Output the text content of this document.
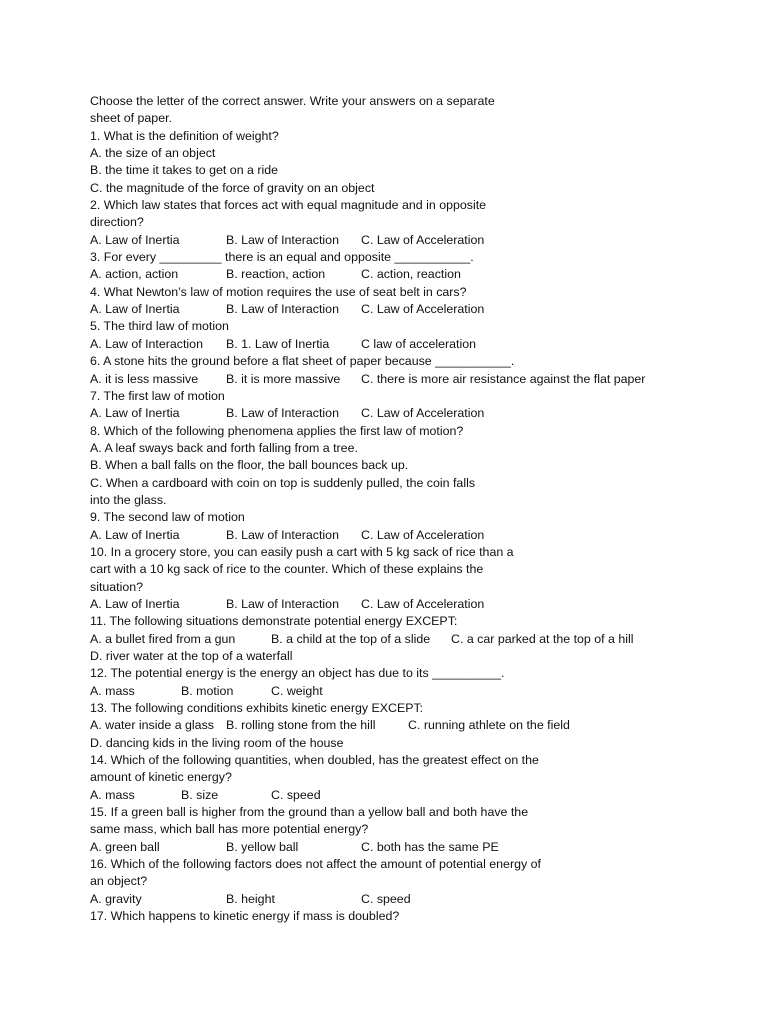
Choose the letter of the correct answer. Write your answers on a separate
sheet of paper.
1. What is the definition of weight?
A. the size of an object
B. the time it takes to get on a ride
C. the magnitude of the force of gravity on an object
2. Which law states that forces act with equal magnitude and in opposite
direction?
A. Law of Inertia	B. Law of Interaction C. Law of Acceleration
3. For every _________ there is an equal and opposite ___________.
A. action, action	B. reaction, action	C. action, reaction
4. What Newton’s law of motion requires the use of seat belt in cars?
A. Law of Inertia	B. Law of Interaction C. Law of Acceleration
5. The third law of motion
A. Law of Interaction B. 1. Law of Inertia	C law of acceleration
6. A stone hits the ground before a flat sheet of paper because ___________.
A. it is less massive B. it is more massive C. there is more air resistance against the flat paper
7. The first law of motion
A. Law of Inertia	B. Law of Interaction C. Law of Acceleration
8. Which of the following phenomena applies the first law of motion?
A. A leaf sways back and forth falling from a tree.
B. When a ball falls on the floor, the ball bounces back up.
C. When a cardboard with coin on top is suddenly pulled, the coin falls
into the glass.
9. The second law of motion
A. Law of Inertia	B. Law of Interaction C. Law of Acceleration
10. In a grocery store, you can easily push a cart with 5 kg sack of rice than a
cart with a 10 kg sack of rice to the counter. Which of these explains the
situation?
A. Law of Inertia	B. Law of Interaction C. Law of Acceleration
11. The following situations demonstrate potential energy EXCEPT:
A. a bullet fired from a gun	B. a child at the top of a slide C. a car parked at the top of a hill
D. river water at the top of a waterfall
12. The potential energy is the energy an object has due to its __________.
A. mass	B. motion	C. weight
13. The following conditions exhibits kinetic energy EXCEPT:
A. water inside a glass B. rolling stone from the hill	C. running athlete on the field
D. dancing kids in the living room of the house
14. Which of the following quantities, when doubled, has the greatest effect on the
amount of kinetic energy?
A. mass	B. size	C. speed
15. If a green ball is higher from the ground than a yellow ball and both have the
same mass, which ball has more potential energy?
A. green ball	B. yellow ball	C. both has the same PE
16. Which of the following factors does not affect the amount of potential energy of
an object?
A. gravity	B. height	C. speed
17. Which happens to kinetic energy if mass is doubled?
